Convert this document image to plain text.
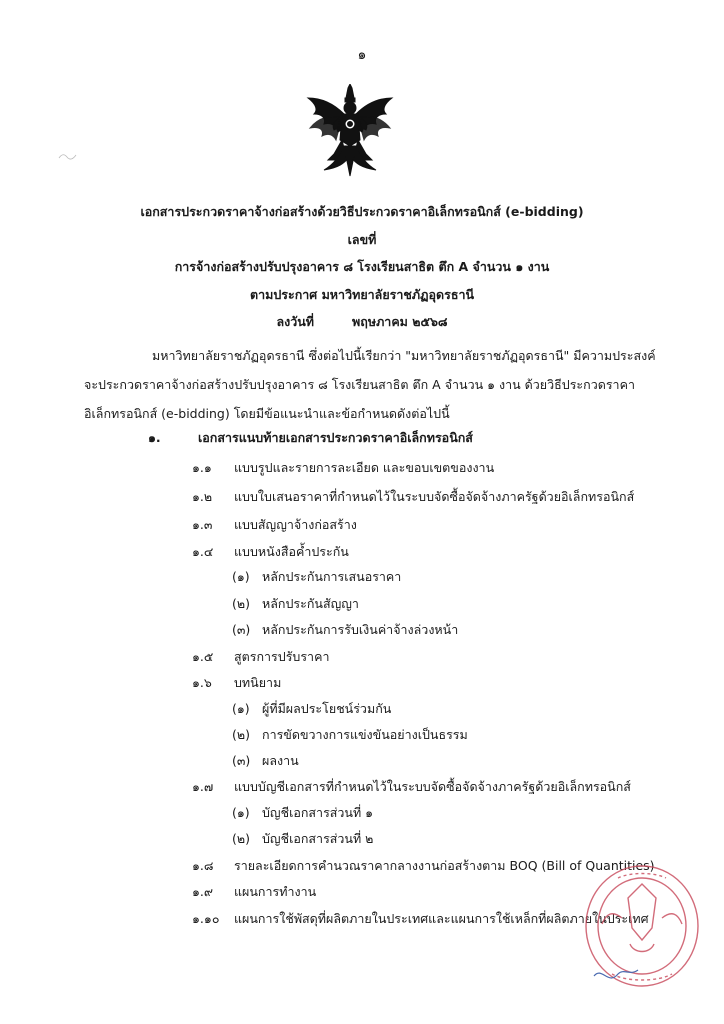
๑
เอกสารประกวดราคาจ้างก่อสร้างด้วยวิธีประกวดราคาอิเล็กทรอนิกส์ (e-bidding)
เลขที่
การจ้างก่อสร้างปรับปรุงอาคาร ๘ โรงเรียนสาธิต ตึก A จำนวน ๑ งาน
ตามประกาศ มหาวิทยาลัยราชภัฏอุดรธานี
ลงวันที่	พฤษภาคม ๒๕๖๘
มหาวิทยาลัยราชภัฏอุดรธานี ซึ่งต่อไปนี้เรียกว่า "มหาวิทยาลัยราชภัฏอุดรธานี" มีความประสงค์
จะประกวดราคาจ้างก่อสร้างปรับปรุงอาคาร ๘ โรงเรียนสาธิต ตึก A จำนวน ๑ งาน ด้วยวิธีประกวดราคา
อิเล็กทรอนิกส์ (e-bidding) โดยมีข้อแนะนำและข้อกำหนดดังต่อไปนี้
๑.	เอกสารแนบท้ายเอกสารประกวดราคาอิเล็กทรอนิกส์
๑.๑ แบบรูปและรายการละเอียด และขอบเขตของงาน
๑.๒ แบบใบเสนอราคาที่กำหนดไว้ในระบบจัดซื้อจัดจ้างภาครัฐด้วยอิเล็กทรอนิกส์
๑.๓ แบบสัญญาจ้างก่อสร้าง
๑.๔ แบบหนังสือค้ำประกัน
(๑) หลักประกันการเสนอราคา
(๒) หลักประกันสัญญา
(๓) หลักประกันการรับเงินค่าจ้างล่วงหน้า
๑.๕ สูตรการปรับราคา
๑.๖ บทนิยาม
(๑) ผู้ที่มีผลประโยชน์ร่วมกัน
(๒) การขัดขวางการแข่งขันอย่างเป็นธรรม
(๓) ผลงาน
๑.๗ แบบบัญชีเอกสารที่กำหนดไว้ในระบบจัดซื้อจัดจ้างภาครัฐด้วยอิเล็กทรอนิกส์
(๑) บัญชีเอกสารส่วนที่ ๑
(๒) บัญชีเอกสารส่วนที่ ๒
๑.๘ รายละเอียดการคำนวณราคากลางงานก่อสร้างตาม BOQ (Bill of Quantities)
๑.๙ แผนการทำงาน
๑.๑๐ แผนการใช้พัสดุที่ผลิตภายในประเทศและแผนการใช้เหล็กที่ผลิตภายในประเทศ
